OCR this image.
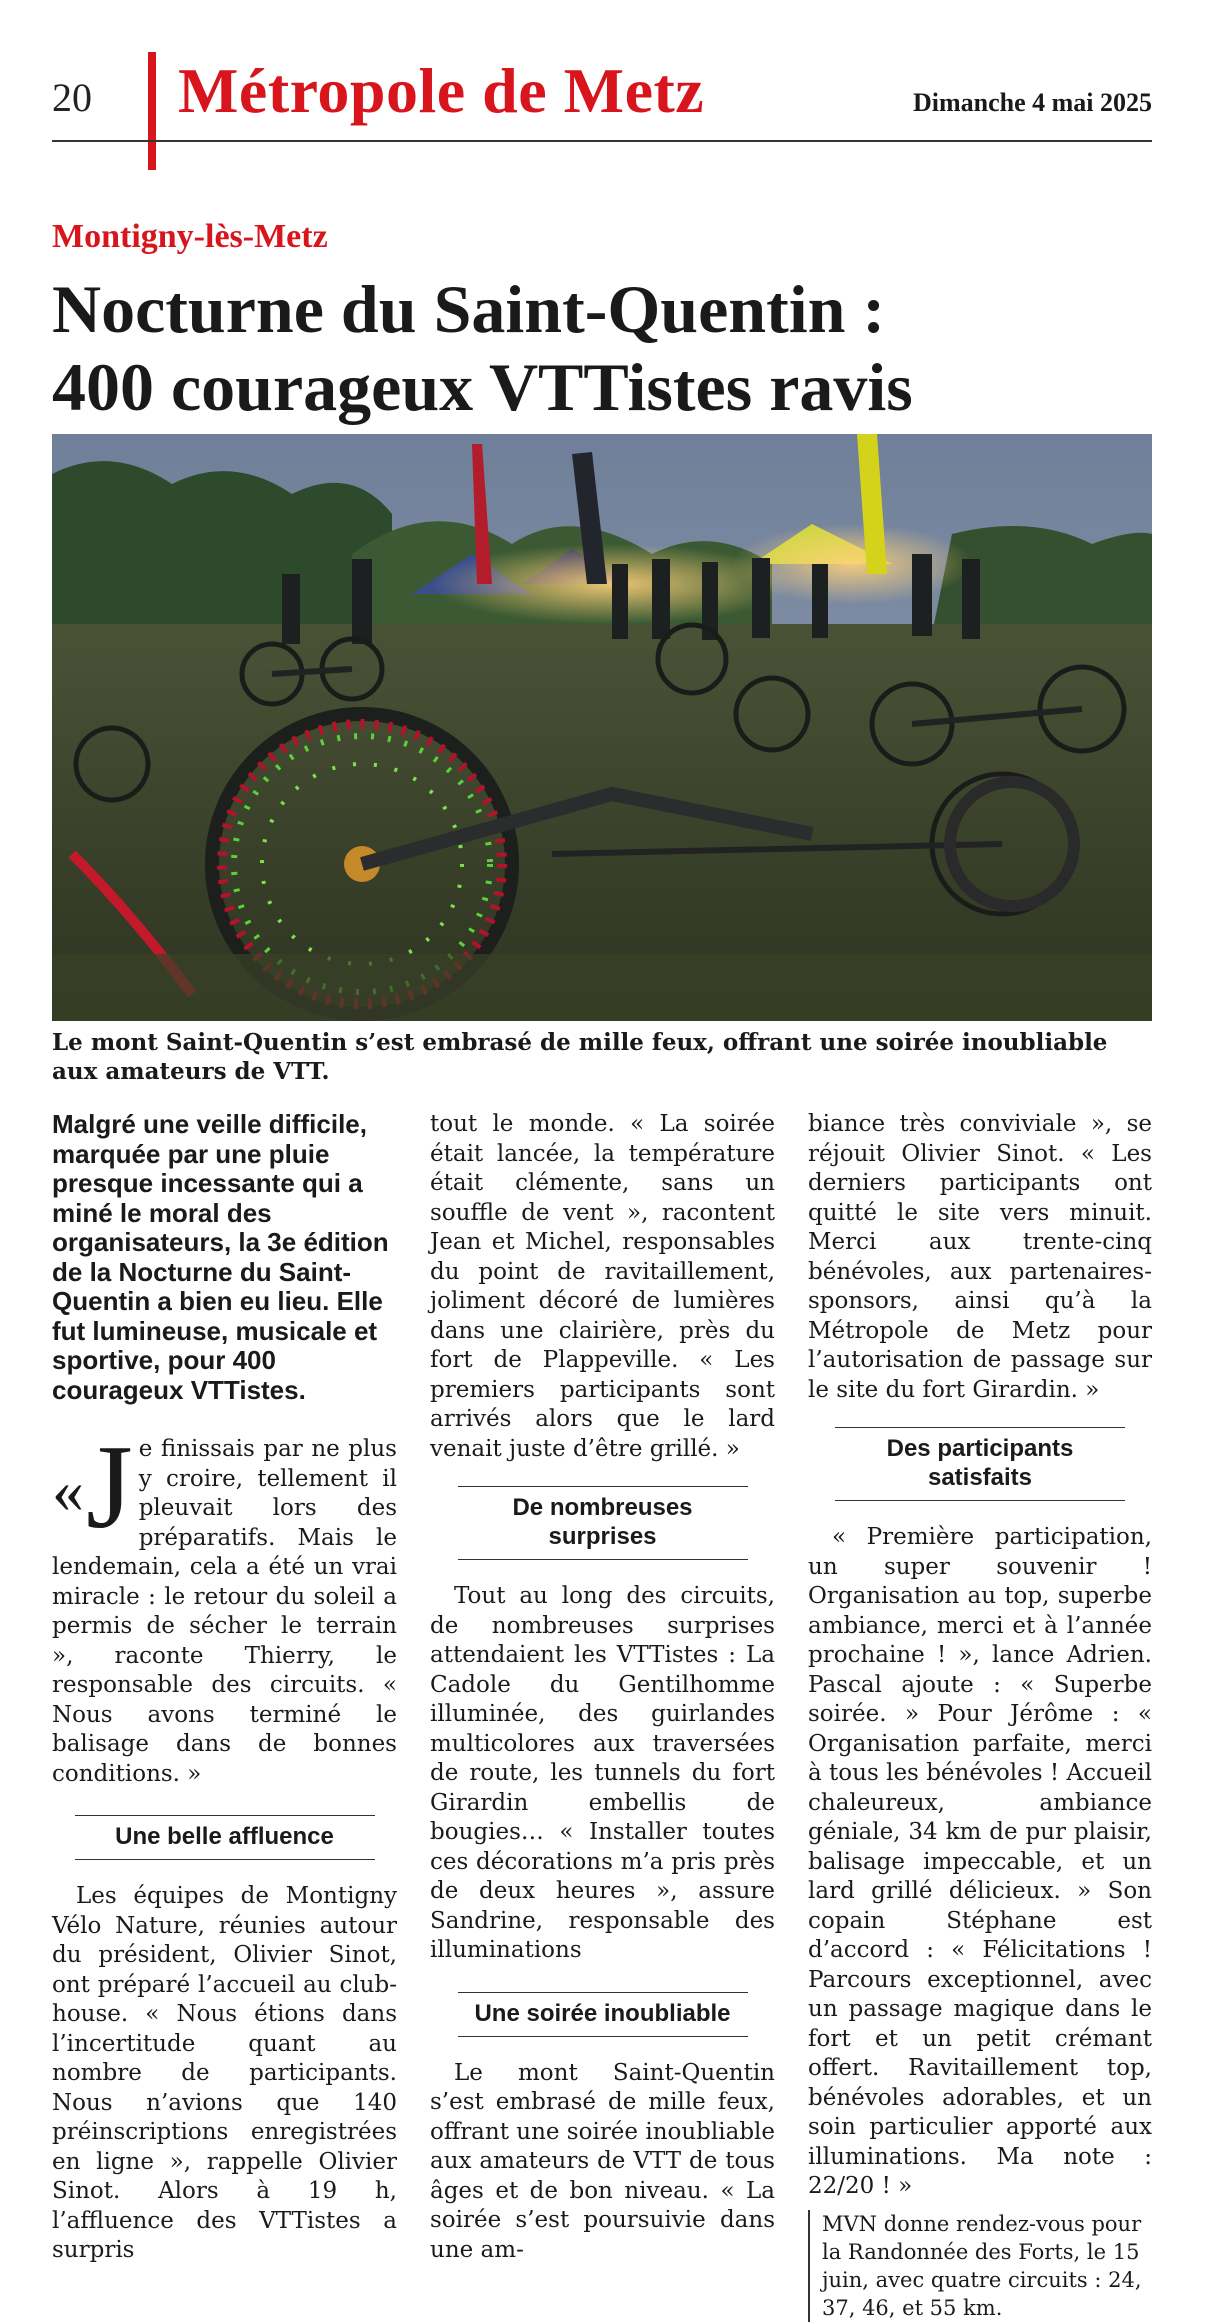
20 Métropole de Metz	Dimanche 4 mai 2025
Montigny-lès-Metz
Nocturne du Saint-Quentin :
400 courageux VTTistes ravis
Le mont Saint-Quentin s’est embrasé de mille feux, offrant une soirée inoubliable aux amateurs de VTT.

Malgré une veille difficile, marquée par une pluie presque incessante qui a miné le moral des organisateurs, la 3e édition de la Nocturne du Saint-Quentin a bien eu lieu. Elle fut lumineuse, musicale et sportive, pour 400 courageux VTTistes.

« J e finissais par ne plus y croire, tellement il pleuvait lors des préparatifs. Mais le lendemain, cela a été un vrai miracle : le retour du soleil a permis de sécher le terrain », raconte Thierry, le responsable des circuits. « Nous avons terminé le balisage dans de bonnes conditions. »
Une belle affluence

Les équipes de Montigny Vélo Nature, réunies autour du président, Olivier Sinot, ont préparé l’accueil au club-house. « Nous étions dans l’incertitude quant au nombre de participants. Nous n’avions que 140 préinscriptions enregistrées en ligne », rappelle Olivier Sinot. Alors à 19 h, l’affluence des VTTistes a surpris

tout le monde. « La soirée était lancée, la température était clémente, sans un souffle de vent », racontent Jean et Michel, responsables du point de ravitaillement, joliment décoré de lumières dans une clairière, près du fort de Plappeville. « Les premiers participants sont arrivés alors que le lard venait juste d’être grillé. »

De nombreuses surprises

Tout au long des circuits, de nombreuses surprises attendaient les VTTistes : La Cadole du Gentilhomme illuminée, des guirlandes multicolores aux traversées de route, les tunnels du fort Girardin embellis de bougies… « Installer toutes ces décorations m’a pris près de deux heures », assure Sandrine, responsable des illuminations

Une soirée inoubliable

Le mont Saint-Quentin s’est embrasé de mille feux, offrant une soirée inoubliable aux amateurs de VTT de tous âges et de bon niveau. « La soirée s’est poursuivie dans une am-

biance très conviviale », se réjouit Olivier Sinot. « Les derniers participants ont quitté le site vers minuit. Merci aux trente-cinq bénévoles, aux partenaires-sponsors, ainsi qu’à la Métropole de Metz pour l’autorisation de passage sur le site du fort Girardin. »

Des participants satisfaits

« Première participation, un super souvenir ! Organisation au top, superbe ambiance, merci et à l’année prochaine ! », lance Adrien. Pascal ajoute : « Superbe soirée. » Pour Jérôme : « Organisation parfaite, merci à tous les bénévoles ! Accueil chaleureux, ambiance géniale, 34 km de pur plaisir, balisage impeccable, et un lard grillé délicieux. » Son copain Stéphane est d’accord : « Félicitations ! Parcours exceptionnel, avec un passage magique dans le fort et un petit crémant offert. Ravitaillement top, bénévoles adorables, et un soin particulier apporté aux illuminations. Ma note : 22/20 ! »

MVN donne rendez-vous pour la Randonnée des Forts, le 15 juin, avec quatre circuits : 24, 37, 46, et 55 km.
